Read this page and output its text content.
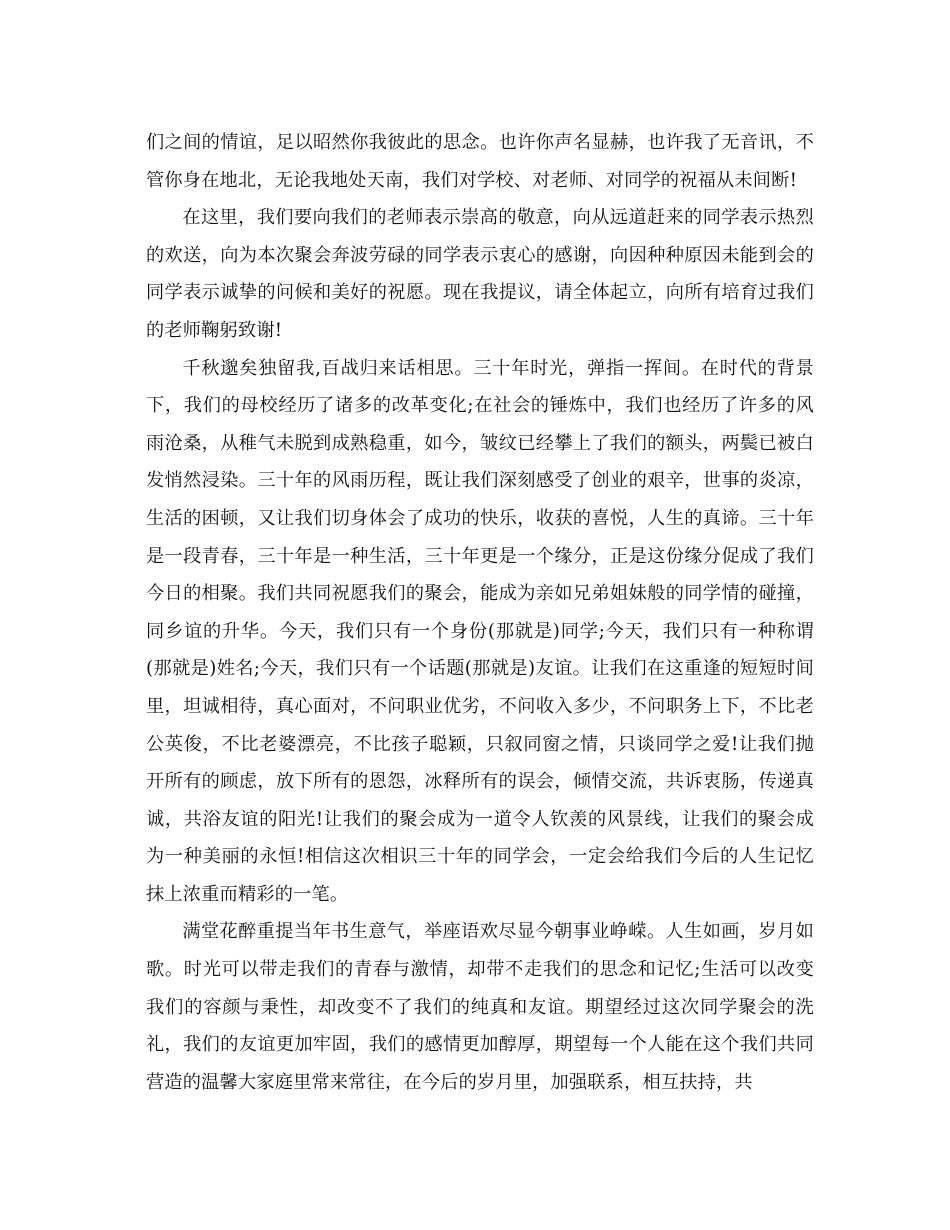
们之间的情谊，足以昭然你我彼此的思念。也许你声名显赫，也许我了无音讯，不管你身在地北，无论我地处天南，我们对学校、对老师、对同学的祝福从未间断!

在这里，我们要向我们的老师表示崇高的敬意，向从远道赶来的同学表示热烈的欢送，向为本次聚会奔波劳碌的同学表示衷心的感谢，向因种种原因未能到会的同学表示诚挚的问候和美好的祝愿。现在我提议，请全体起立，向所有培育过我们的老师鞠躬致谢!

千秋邈矣独留我,百战归来话相思。三十年时光，弹指一挥间。在时代的背景下，我们的母校经历了诸多的改革变化;在社会的锤炼中，我们也经历了许多的风雨沧桑，从稚气未脱到成熟稳重，如今，皱纹已经攀上了我们的额头，两鬓已被白发悄然浸染。三十年的风雨历程，既让我们深刻感受了创业的艰辛，世事的炎凉，生活的困顿，又让我们切身体会了成功的快乐，收获的喜悦，人生的真谛。三十年是一段青春，三十年是一种生活，三十年更是一个缘分，正是这份缘分促成了我们今日的相聚。我们共同祝愿我们的聚会，能成为亲如兄弟姐妹般的同学情的碰撞，同乡谊的升华。今天，我们只有一个身份(那就是)同学;今天，我们只有一种称谓(那就是)姓名;今天，我们只有一个话题(那就是)友谊。让我们在这重逢的短短时间里，坦诚相待，真心面对，不问职业优劣，不问收入多少，不问职务上下，不比老公英俊，不比老婆漂亮，不比孩子聪颖，只叙同窗之情，只谈同学之爱!让我们抛开所有的顾虑，放下所有的恩怨，冰释所有的误会，倾情交流，共诉衷肠，传递真诚，共浴友谊的阳光!让我们的聚会成为一道令人钦羡的风景线，让我们的聚会成为一种美丽的永恒!相信这次相识三十年的同学会，一定会给我们今后的人生记忆抹上浓重而精彩的一笔。

满堂花醉重提当年书生意气，举座语欢尽显今朝事业峥嵘。人生如画，岁月如歌。时光可以带走我们的青春与激情，却带不走我们的思念和记忆;生活可以改变我们的容颜与秉性，却改变不了我们的纯真和友谊。期望经过这次同学聚会的洗礼，我们的友谊更加牢固，我们的感情更加醇厚，期望每一个人能在这个我们共同营造的温馨大家庭里常来常往，在今后的岁月里，加强联系，相互扶持，共
